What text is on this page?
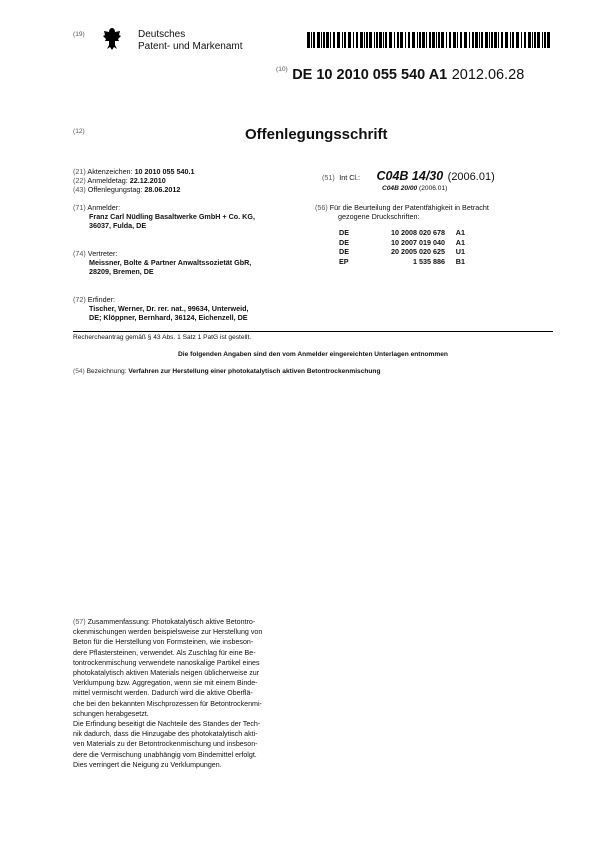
(19)	Deutsches
Patent- und Markenamt
$^{(10)}$ DE 10 2010 055 540 A1 2012.06.28
(12)	Offenlegungsschrift
(21) Aktenzeichen: 10 2010 055 540.1
(22) Anmeldetag: 22.12.2010
(43) Offenlegungstag: 28.06.2012
(71) Anmelder:
Franz Carl Nüdling Basaltwerke GmbH + Co. KG,
36037, Fulda, DE
(74) Vertreter:
Meissner, Bolte & Partner Anwaltssozietät GbR,
28209, Bremen, DE
(72) Erfinder:
Tischer, Werner, Dr. rer. nat., 99634, Unterweid,
DE; Klöppner, Bernhard, 36124, Eichenzell, DE
(51) Int Cl.: C04B 14/30 (2006.01)
C04B 20/00 (2006.01)
(56) Für die Beurteilung der Patentfähigkeit in Betracht
gezogene Druckschriften:
DE	10 2008 020 678	A1
DE	10 2007 019 040	A1
DE	20 2005 020 625	U1
EP	1 535 886	B1
Rechercheantrag gemäß § 43 Abs. 1 Satz 1 PatG ist gestellt.
Die folgenden Angaben sind den vom Anmelder eingereichten Unterlagen entnommen
(54) Bezeichnung: Verfahren zur Herstellung einer photokatalytisch aktiven Betontrockenmischung
(57) Zusammenfassung: Photokatalytisch aktive Betontro-
ckenmischungen werden beispielsweise zur Herstellung von
Beton für die Herstellung von Formsteinen, wie insbeson-
dere Pflastersteinen, verwendet. Als Zuschlag für eine Be-
tontrockenmischung verwendete nanoskalige Partikel eines
photokatalytisch aktiven Materials neigen üblicherweise zur
Verklumpung bzw. Aggregation, wenn sie mit einem Binde-
mittel vermischt werden. Dadurch wird die aktive Oberflä-
che bei den bekannten Mischprozessen für Betontrockenmi-
schungen herabgesetzt.
Die Erfindung beseitigt die Nachteile des Standes der Tech-
nik dadurch, dass die Hinzugabe des photokatalytisch akti-
ven Materials zu der Betontrockenmischung und insbeson-
dere die Vermischung unabhängig vom Bindemittel erfolgt.
Dies verringert die Neigung zu Verklumpungen.
